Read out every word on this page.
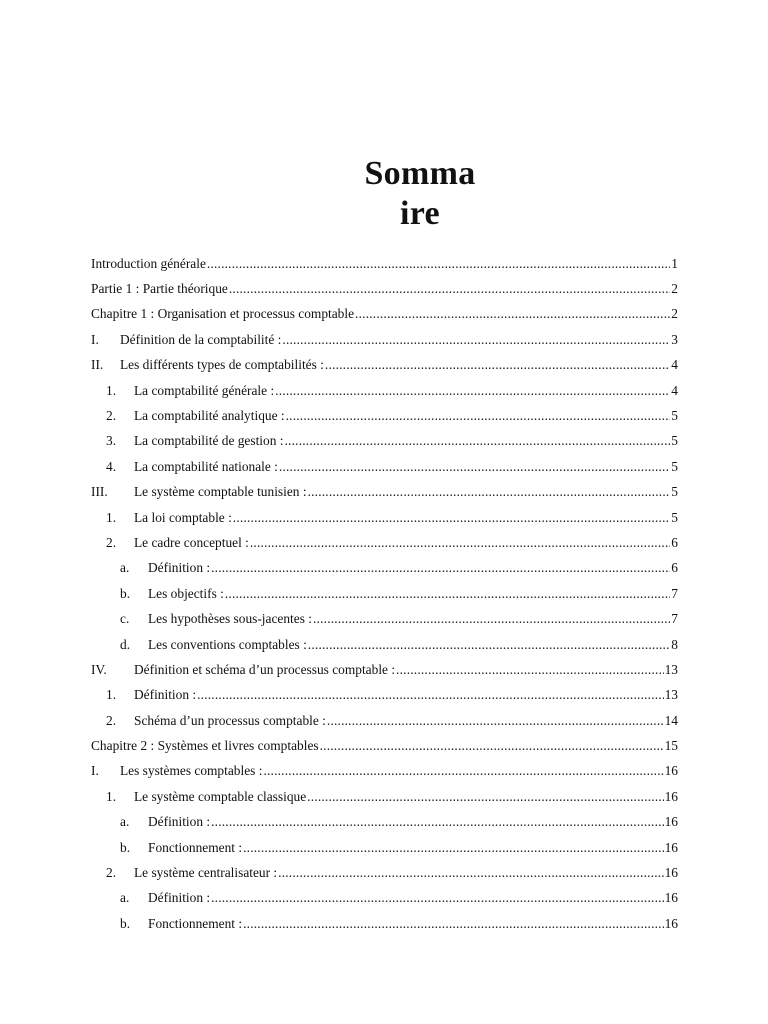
Somma
ire
Introduction générale .....	1
Partie 1 : Partie théorique .....	2
Chapitre 1 : Organisation et processus comptable .....	2
I.	Définition de la comptabilité : .....	3
II.	Les différents types de comptabilités : .....	4
1.	La comptabilité générale : .....	4
2.	La comptabilité analytique : .....	5
3.	La comptabilité de gestion : .....	5
4.	La comptabilité nationale : .....	5
III.	Le système comptable tunisien : .....	5
1.	La loi comptable : .....	5
2.	Le cadre conceptuel : .....	6
a.	Définition : .....	6
b.	Les objectifs : .....	7
c.	Les hypothèses sous-jacentes : .....	7
d.	Les conventions comptables : .....	8
IV.	Définition et schéma d’un processus comptable : .....	13
1.	Définition : .....	13
2.	Schéma d’un processus comptable : .....	14
Chapitre 2 : Systèmes et livres comptables .....	15
I.	Les systèmes comptables : .....	16
1.	Le système comptable classique .....	16
a.	Définition : .....	16
b.	Fonctionnement : .....	16
2.	Le système centralisateur : .....	16
a.	Définition : .....	16
b.	Fonctionnement : .....	16
